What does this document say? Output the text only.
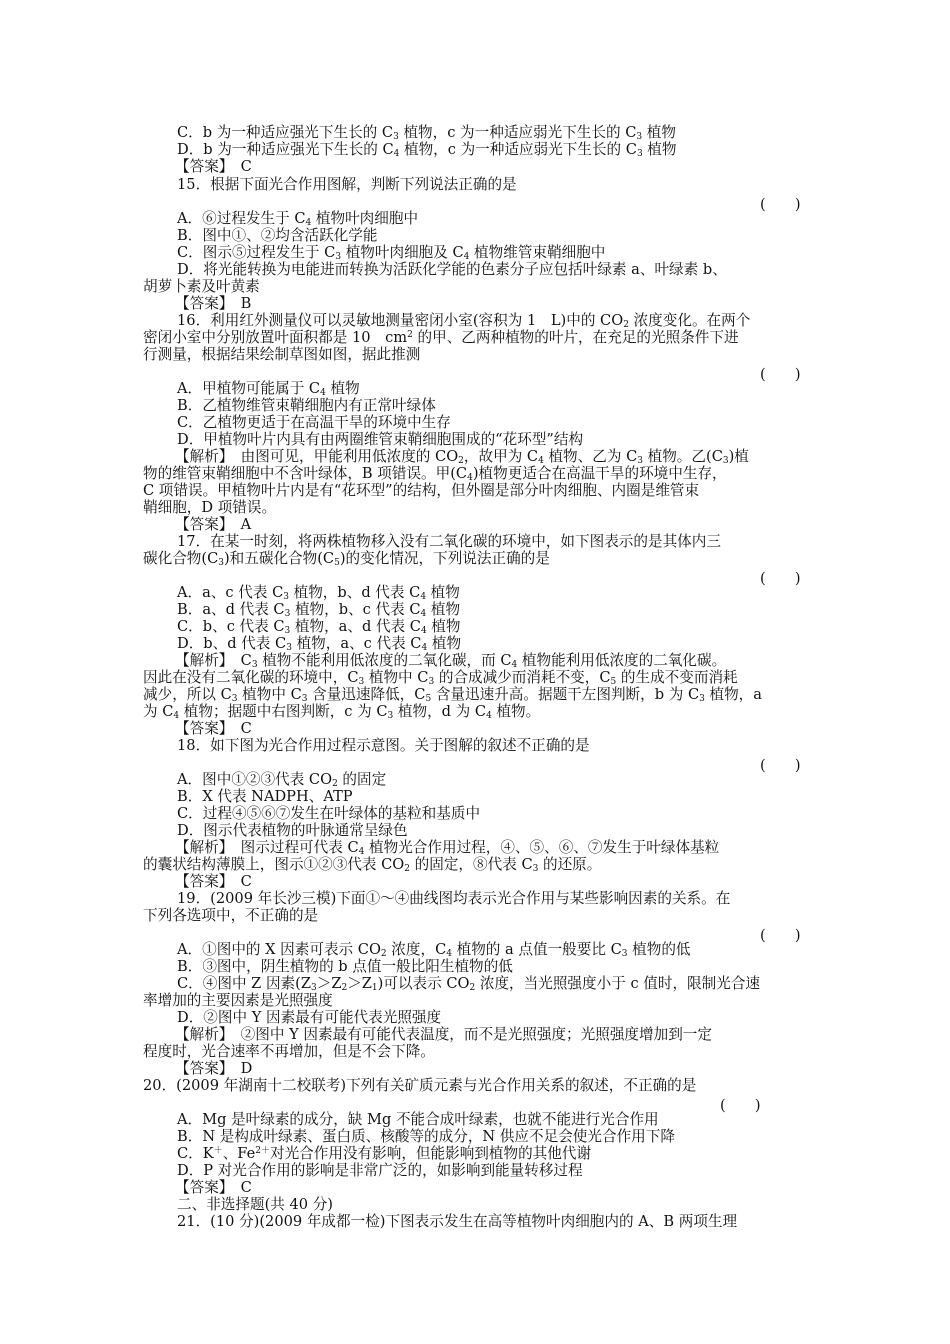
C．b 为一种适应强光下生长的 $C_3$ 植物，c 为一种适应弱光下生长的 $C_3$ 植物
D．b 为一种适应强光下生长的 $C_4$ 植物，c 为一种适应弱光下生长的 $C_3$ 植物
【答案】　C
15．根据下面光合作用图解，判断下列说法正确的是
A．⑥过程发生于 $C_4$ 植物叶肉细胞中
B．图中①、②均含活跃化学能
C．图示⑤过程发生于 $C_3$ 植物叶肉细胞及 $C_4$ 植物维管束鞘细胞中
D．将光能转换为电能进而转换为活跃化学能的色素分子应包括叶绿素 a、叶绿素 b、
胡萝卜素及叶黄素
【答案】　B
16．利用红外测量仪可以灵敏地测量密闭小室(容积为 1　L)中的 $CO_2$ 浓度变化。在两个
密闭小室中分别放置叶面积都是 10　$cm^2$ 的甲、乙两种植物的叶片，在充足的光照条件下进
行测量，根据结果绘制草图如图，据此推测
A．甲植物可能属于 $C_4$ 植物
B．乙植物维管束鞘细胞内有正常叶绿体
C．乙植物更适于在高温干旱的环境中生存
D．甲植物叶片内具有由两圈维管束鞘细胞围成的“花环型”结构
【解析】　由图可见，甲能利用低浓度的 $CO_2$，故甲为 $C_4$ 植物、乙为 $C_3$ 植物。乙$(C_3)$植
物的维管束鞘细胞中不含叶绿体，B 项错误。甲$(C_4)$植物更适合在高温干旱的环境中生存，
C 项错误。甲植物叶片内是有“花环型”的结构，但外圈是部分叶肉细胞、内圈是维管束
鞘细胞，D 项错误。
【答案】　A
17．在某一时刻，将两株植物移入没有二氧化碳的环境中，如下图表示的是其体内三
碳化合物$(C_3)$和五碳化合物$(C_5)$的变化情况，下列说法正确的是
A．a、c 代表 $C_3$ 植物，b、d 代表 $C_4$ 植物
B．a、d 代表 $C_3$ 植物，b、c 代表 $C_4$ 植物
C．b、c 代表 $C_3$ 植物，a、d 代表 $C_4$ 植物
D．b、d 代表 $C_3$ 植物，a、c 代表 $C_4$ 植物
【解析】　$C_3$ 植物不能利用低浓度的二氧化碳，而 $C_4$ 植物能利用低浓度的二氧化碳。
因此在没有二氧化碳的环境中，$C_3$ 植物中 $C_3$ 的合成减少而消耗不变，$C_5$ 的生成不变而消耗
减少，所以 $C_3$ 植物中 $C_3$ 含量迅速降低，$C_5$ 含量迅速升高。据题干左图判断，b 为 $C_3$ 植物，a
为 $C_4$ 植物；据题中右图判断，c 为 $C_3$ 植物，d 为 $C_4$ 植物。
【答案】　C
18．如下图为光合作用过程示意图。关于图解的叙述不正确的是
A．图中①②③代表 $CO_2$ 的固定
B．X 代表 NADPH、ATP
C．过程④⑤⑥⑦发生在叶绿体的基粒和基质中
D．图示代表植物的叶脉通常呈绿色
【解析】　图示过程可代表 $C_4$ 植物光合作用过程，④、⑤、⑥、⑦发生于叶绿体基粒
的囊状结构薄膜上，图示①②③代表 $CO_2$ 的固定，⑧代表 $C_3$ 的还原。
【答案】　C
19．(2009 年长沙三模)下面①～④曲线图均表示光合作用与某些影响因素的关系。在
下列各选项中，不正确的是
A．①图中的 X 因素可表示 $CO_2$ 浓度，$C_4$ 植物的 a 点值一般要比 $C_3$ 植物的低
B．③图中，阴生植物的 b 点值一般比阳生植物的低
C．④图中 Z 因素$(Z_3>Z_2>Z_1)$可以表示 $CO_2$ 浓度，当光照强度小于 c 值时，限制光合速
率增加的主要因素是光照强度
D．②图中 Y 因素最有可能代表光照强度
【解析】　②图中 Y 因素最有可能代表温度，而不是光照强度；光照强度增加到一定
程度时，光合速率不再增加，但是不会下降。
【答案】　D
20．(2009 年湖南十二校联考)下列有关矿质元素与光合作用关系的叙述，不正确的是
A．Mg 是叶绿素的成分，缺 Mg 不能合成叶绿素，也就不能进行光合作用
B．N 是构成叶绿素、蛋白质、核酸等的成分，N 供应不足会使光合作用下降
C．K＋、$Fe^{2+}$对光合作用没有影响，但能影响到植物的其他代谢
D．P 对光合作用的影响是非常广泛的，如影响到能量转移过程
【答案】　C
二、非选择题(共 40 分)
21．(10 分)(2009 年成都一检)下图表示发生在高等植物叶肉细胞内的 A、B 两项生理
(　　)
(　　)
(　　)
(　　)
(　　)
(　　)
